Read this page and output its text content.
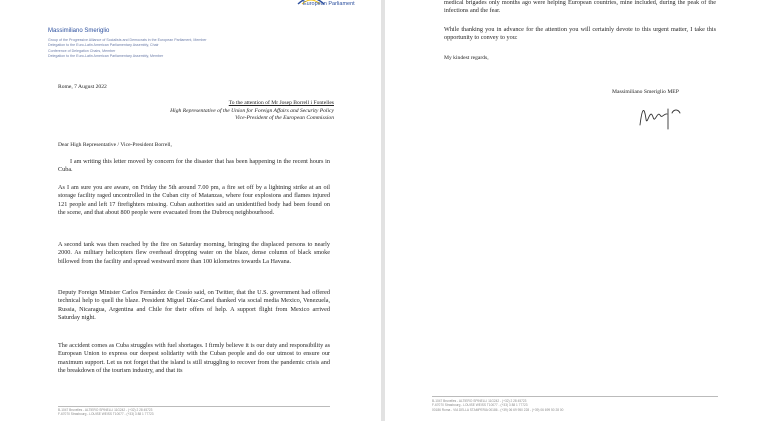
European Parliament
Massimiliano Smeriglio
Group of the Progressive Alliance of Socialists and Democrats in the European Parliament, Member
Delegation to the Euro-Latin American Parliamentary Assembly, Chair
Conference of Delegation Chairs, Member
Delegation to the Euro-Latin American Parliamentary Assembly, Member
Rome, 7 August 2022
To the attention of Mr Josep Borrell i Fontelles
High Representative of the Union for Foreign Affairs and Security Policy
Vice-President of the European Commission
Dear High Representative / Vice-President Borrell,
I am writing this letter moved by concern for the disaster that has been happening in the recent hours in Cuba.
As I am sure you are aware, on Friday the 5th around 7.00 pm, a fire set off by a lightning strike at an oil storage facility raged uncontrolled in the Cuban city of Matanzas, where four explosions and flames injured 121 people and left 17 firefighters missing. Cuban authorities said an unidentified body had been found on the scene, and that about 800 people were evacuated from the Dubrocq neighbourhood.
A second tank was then reached by the fire on Saturday morning, bringing the displaced persons to nearly 2000. As military helicopters flew overhead dropping water on the blaze, dense column of black smoke billowed from the facility and spread westward more than 100 kilometres towards La Havana.
Deputy Foreign Minister Carlos Fernández de Cossío said, on Twitter, that the U.S. government had offered technical help to quell the blaze. President Miguel Díaz-Canel thanked via social media Mexico, Venezuela, Russia, Nicaragua, Argentina and Chile for their offers of help. A support flight from Mexico arrived Saturday night.
The accident comes as Cuba struggles with fuel shortages. I firmly believe it is our duty and responsibility as European Union to express our deepest solidarity with the Cuban people and do our utmost to ensure our maximum support. Let us not forget that the island is still struggling to recover from the pandemic crisis and the breakdown of the tourism industry, and that its
B-1047 Bruxelles - ALTIERO SPINELLI 11G242 - (+32) 2 28 45723
F-67070 Strasbourg - LOUISE WEISS T10077 - (+33) 3 88 1 77723
medical brigades only months ago were helping European countries, mine included, during the peak of the infections and the fear.
While thanking you in advance for the attention you will certainly devote to this urgent matter, I take this opportunity to convey to you:
My kindest regards,
Massimiliano Smeriglio MEP
B-1047 Bruxelles - ALTIERO SPINELLI 11G242 - (+32) 2 28 45723
F-67070 Strasbourg - LOUISE WEISS T10077 - (+33) 3 88 1 77723
00186 Roma - VIA DELLA STAMPERIA 00186 - (+39) 06 69 950 228 - (+39) 06 699 50 28 00
